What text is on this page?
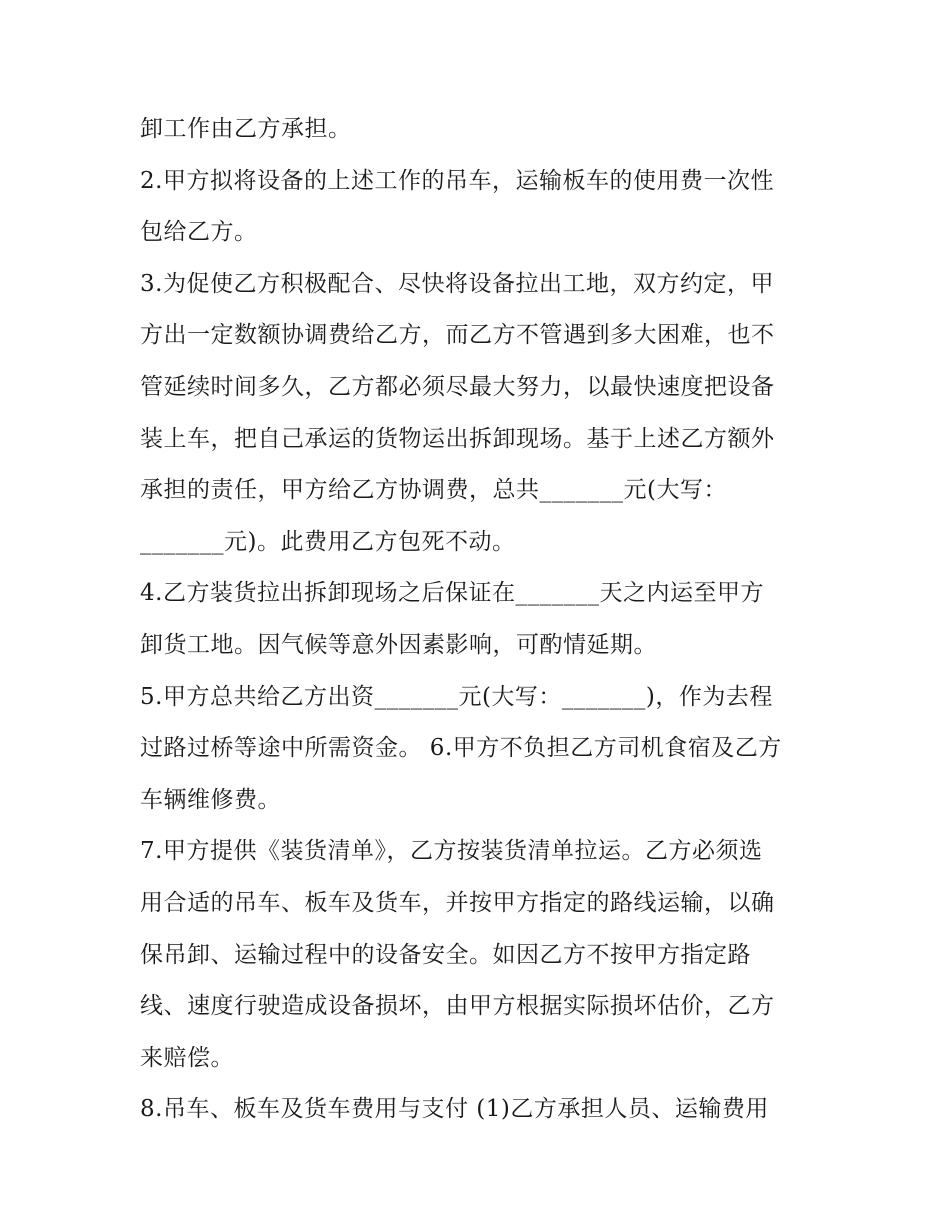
卸工作由乙方承担。
2.甲方拟将设备的上述工作的吊车，运输板车的使用费一次性
包给乙方。
3.为促使乙方积极配合、尽快将设备拉出工地，双方约定，甲
方出一定数额协调费给乙方，而乙方不管遇到多大困难，也不
管延续时间多久，乙方都必须尽最大努力，以最快速度把设备
装上车，把自己承运的货物运出拆卸现场。基于上述乙方额外
承担的责任，甲方给乙方协调费，总共_______元(大写：
_______元)。此费用乙方包死不动。
4.乙方装货拉出拆卸现场之后保证在_______天之内运至甲方
卸货工地。因气候等意外因素影响，可酌情延期。
5.甲方总共给乙方出资_______元(大写：_______)，作为去程
过路过桥等途中所需资金。 6.甲方不负担乙方司机食宿及乙方
车辆维修费。
7.甲方提供《装货清单》，乙方按装货清单拉运。乙方必须选
用合适的吊车、板车及货车，并按甲方指定的路线运输，以确
保吊卸、运输过程中的设备安全。如因乙方不按甲方指定路
线、速度行驶造成设备损坏，由甲方根据实际损坏估价，乙方
来赔偿。
8.吊车、板车及货车费用与支付 (1)乙方承担人员、运输费用
